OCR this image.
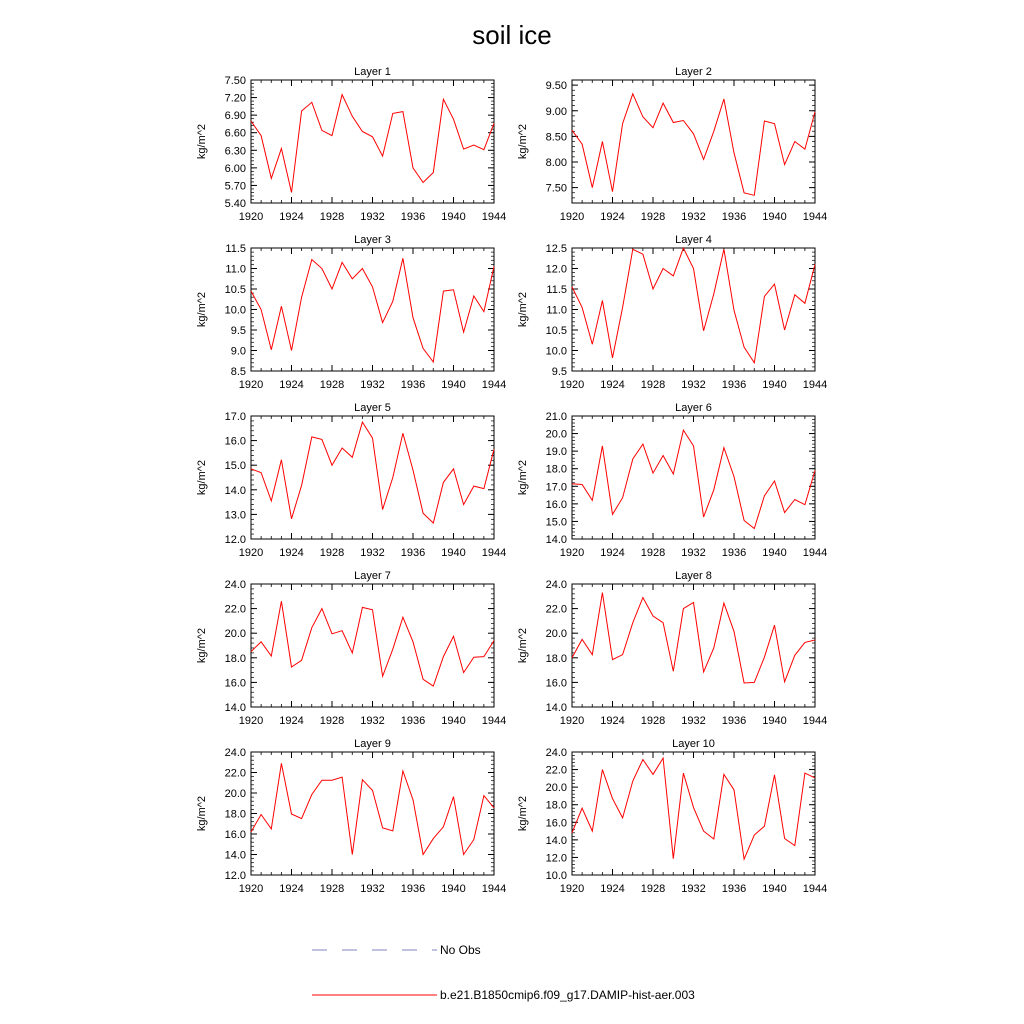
soil ice
Layer 1
kg/m^2
1920 1924 1928 1932 1936 1940 1944
5.40
5.70
6.00
6.30
6.60
6.90
7.20
7.50
Layer 2
kg/m^2
1920 1924 1928 1932 1936 1940 1944
7.50
8.00
8.50
9.00
9.50
Layer 3
kg/m^2
1920 1924 1928 1932 1936 1940 1944
8.5
9.0
9.5
10.0
10.5
11.0
11.5
Layer 4
kg/m^2
1920 1924 1928 1932 1936 1940 1944
9.5
10.0
10.5
11.0
11.5
12.0
12.5
Layer 5
kg/m^2
1920 1924 1928 1932 1936 1940 1944
12.0
13.0
14.0
15.0
16.0
17.0
Layer 6
kg/m^2
1920 1924 1928 1932 1936 1940 1944
14.0
15.0
16.0
17.0
18.0
19.0
20.0
21.0
Layer 7
kg/m^2
1920 1924 1928 1932 1936 1940 1944
14.0
16.0
18.0
20.0
22.0
24.0
Layer 8
kg/m^2
1920 1924 1928 1932 1936 1940 1944
14.0
16.0
18.0
20.0
22.0
24.0
Layer 9
kg/m^2
1920 1924 1928 1932 1936 1940 1944
12.0
14.0
16.0
18.0
20.0
22.0
24.0
Layer 10
kg/m^2
1920 1924 1928 1932 1936 1940 1944
10.0
12.0
14.0
16.0
18.0
20.0
22.0
24.0
No Obs
b.e21.B1850cmip6.f09_g17.DAMIP-hist-aer.003
